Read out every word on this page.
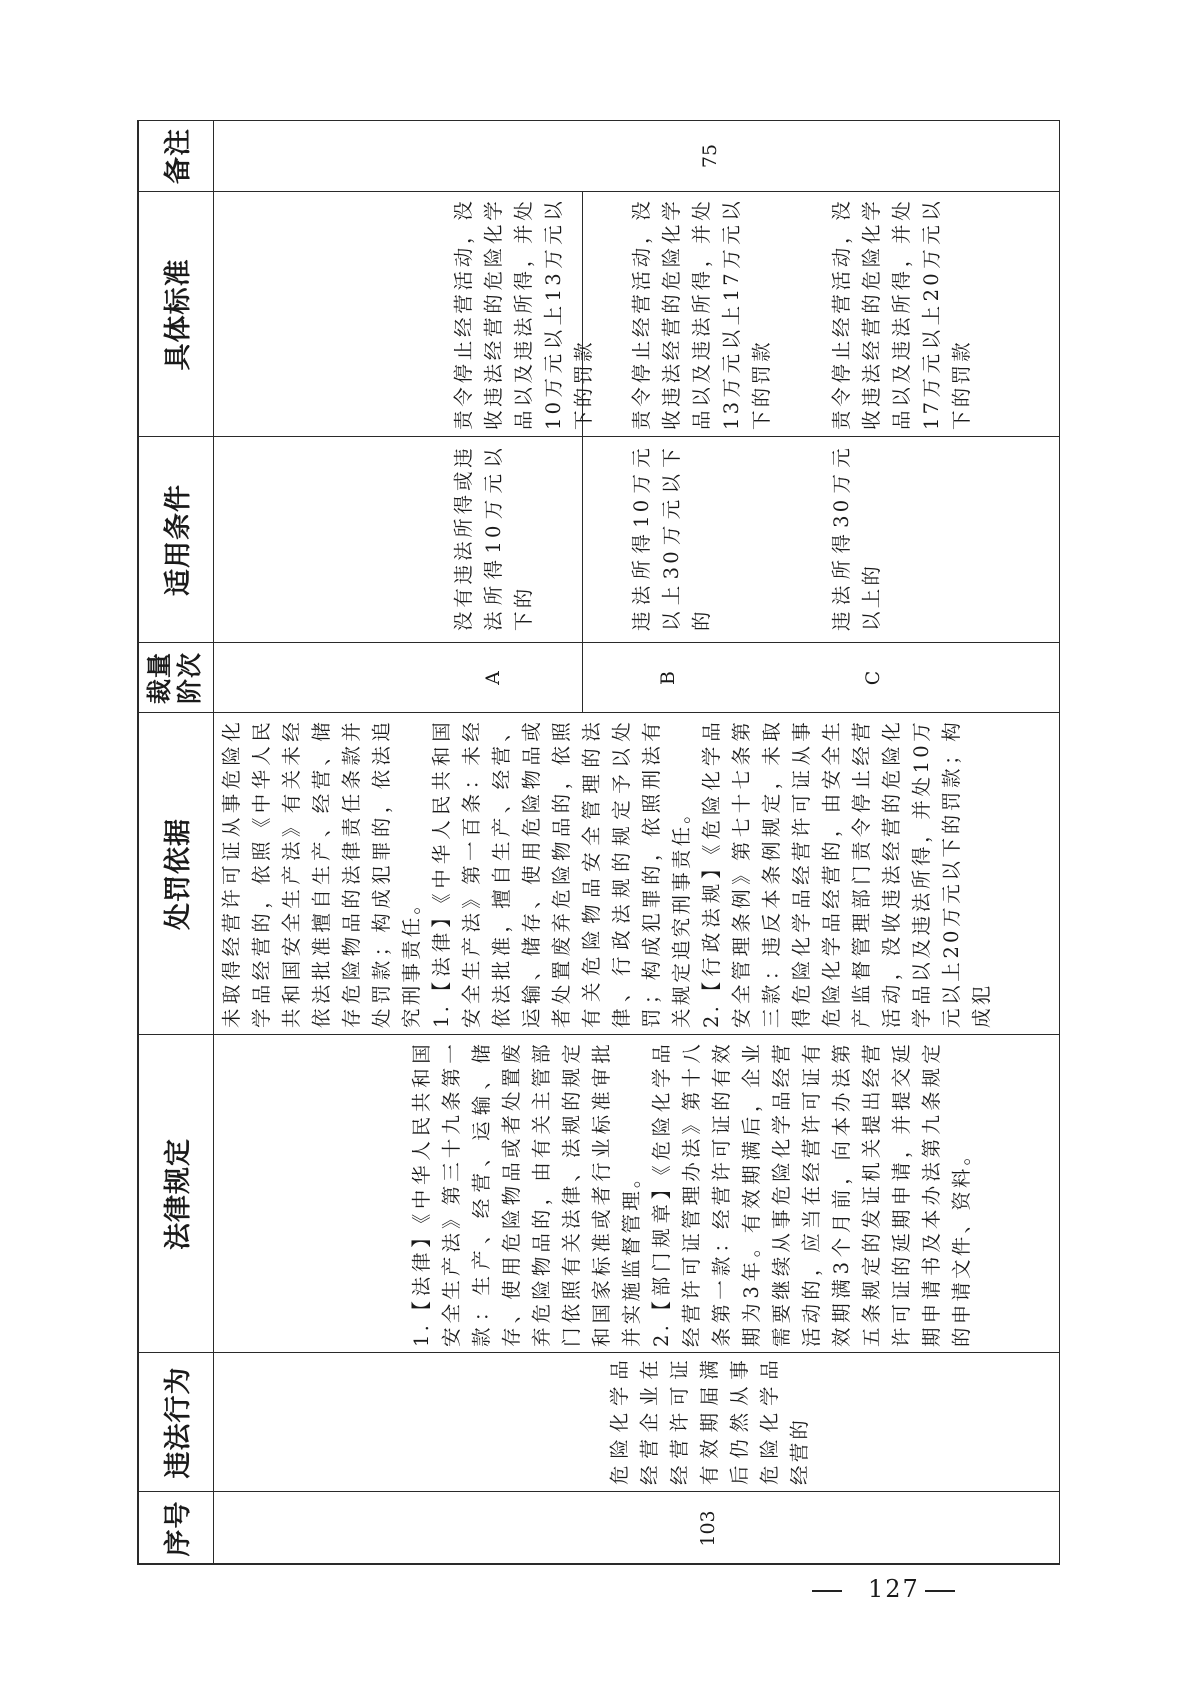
序号
违法行为
法律规定
处罚依据
裁量 阶次
适用条件
具体标准
备注
103
危险化学品经营企业在经营许可证有效期届满后仍然从事危险化学品经营的

1.【法律】《中华人民共和国安全生产法》第三十九条第一款：生产、经营、运输、储存、使用危险物品或者处置废弃危险物品的，由有关主管部门依照有关法律、法规的规定和国家标准或者行业标准审批并实施监督管理。 2.【部门规章】《危险化学品经营许可证管理办法》第十八条第一款：经营许可证的有效期为3年。有效期满后，企业需要继续从事危险化学品经营活动的，应当在经营许可证有效期满3个月前，向本办法第五条规定的发证机关提出经营许可证的延期申请，并提交延期申请书及本办法第九条规定的申请文件、资料。

未取得经营许可证从事危险化学品经营的，依照《中华人民共和国安全生产法》有关未经依法批准擅自生产、经营、储存危险物品的法律责任条款并处罚款；构成犯罪的，依法追究刑事责任。 1.【法律】《中华人民共和国安全生产法》第一百条：未经依法批准，擅自生产、经营、运输、储存、使用危险物品或者处置废弃危险物品的，依照有关危险物品安全管理的法律、行政法规的规定予以处罚；构成犯罪的，依照刑法有关规定追究刑事责任。 2.【行政法规】《危险化学品安全管理条例》第七十七条第三款：违反本条例规定，未取得危险化学品经营许可证从事危险化学品经营的，由安全生产监督管理部门责令停止经营活动，没收违法经营的危险化学品以及违法所得，并处10万元以上20万元以下的罚款；构成犯

A
没有违法所得或违法所得10万元以下的
责令停止经营活动，没收违法经营的危险化学品以及违法所得，并处10万元以上13万元以下的罚款
B
违法所得10万元以上30万元以下的
责令停止经营活动，没收违法经营的危险化学品以及违法所得，并处13万元以上17万元以下的罚款
C
违法所得30万元以上的
责令停止经营活动，没收违法经营的危险化学品以及违法所得，并处17万元以上20万元以下的罚款
75
127
